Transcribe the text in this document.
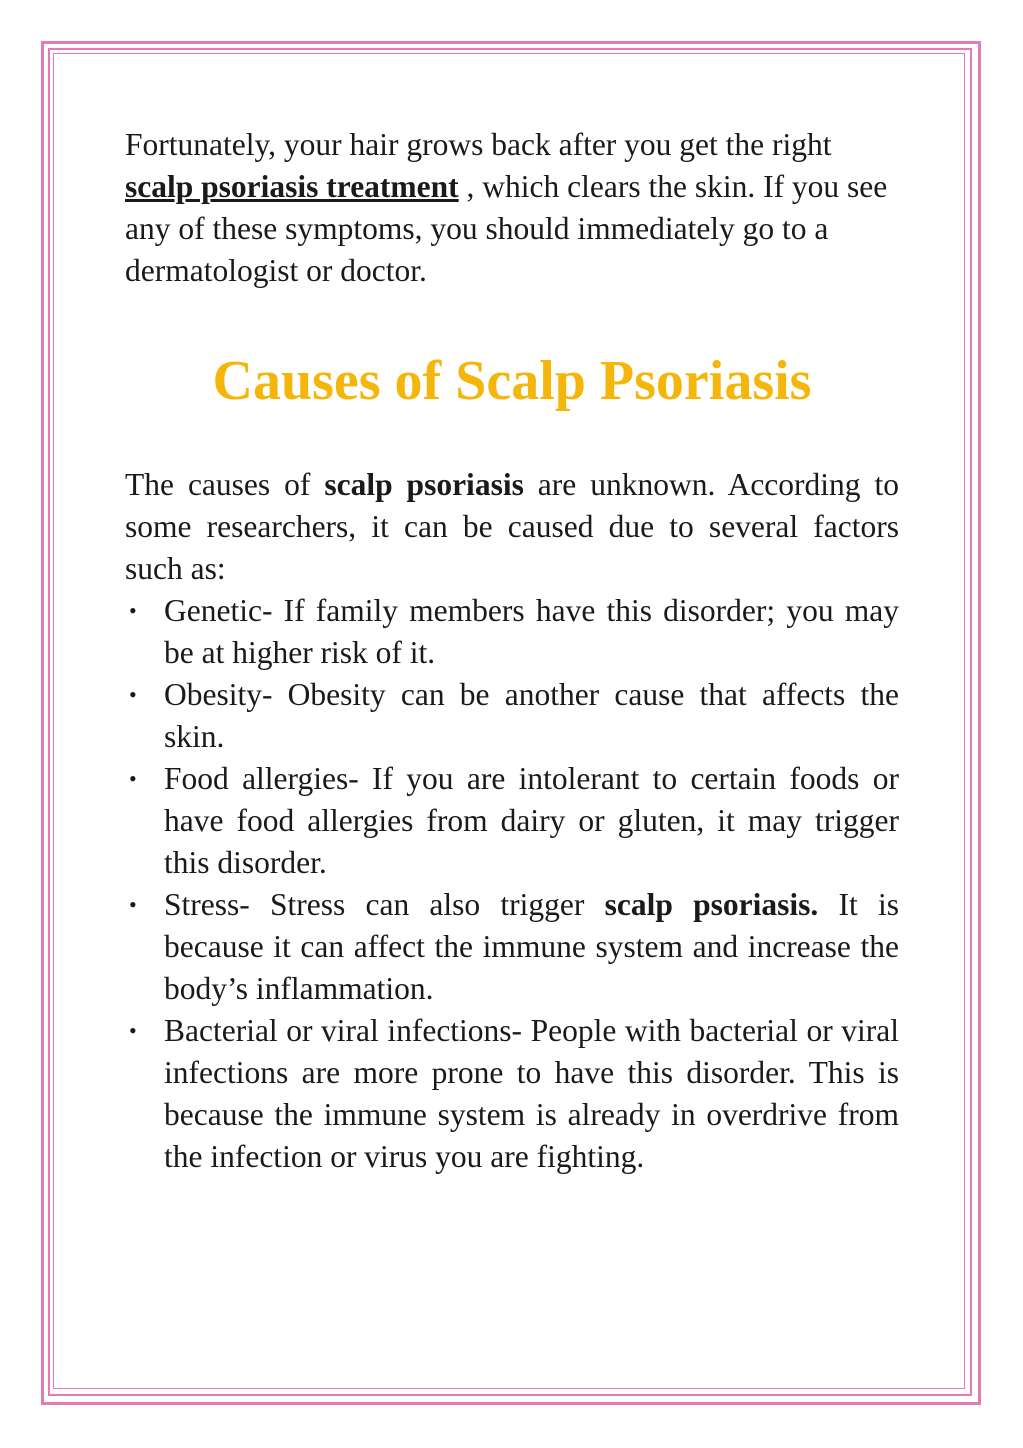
Fortunately, your hair grows back after you get the right scalp psoriasis treatment , which clears the skin. If you see any of these symptoms, you should immediately go to a dermatologist or doctor.

Causes of Scalp Psoriasis

The causes of scalp psoriasis are unknown. According to some researchers, it can be caused due to several factors such as:

• Genetic- If family members have this disorder; you may be at higher risk of it.
• Obesity- Obesity can be another cause that affects the skin.
• Food allergies- If you are intolerant to certain foods or have food allergies from dairy or gluten, it may trigger this disorder.
• Stress- Stress can also trigger scalp psoriasis. It is because it can affect the immune system and increase the body’s inflammation.
• Bacterial or viral infections- People with bacterial or viral infections are more prone to have this disorder. This is because the immune system is already in overdrive from the infection or virus you are fighting.
